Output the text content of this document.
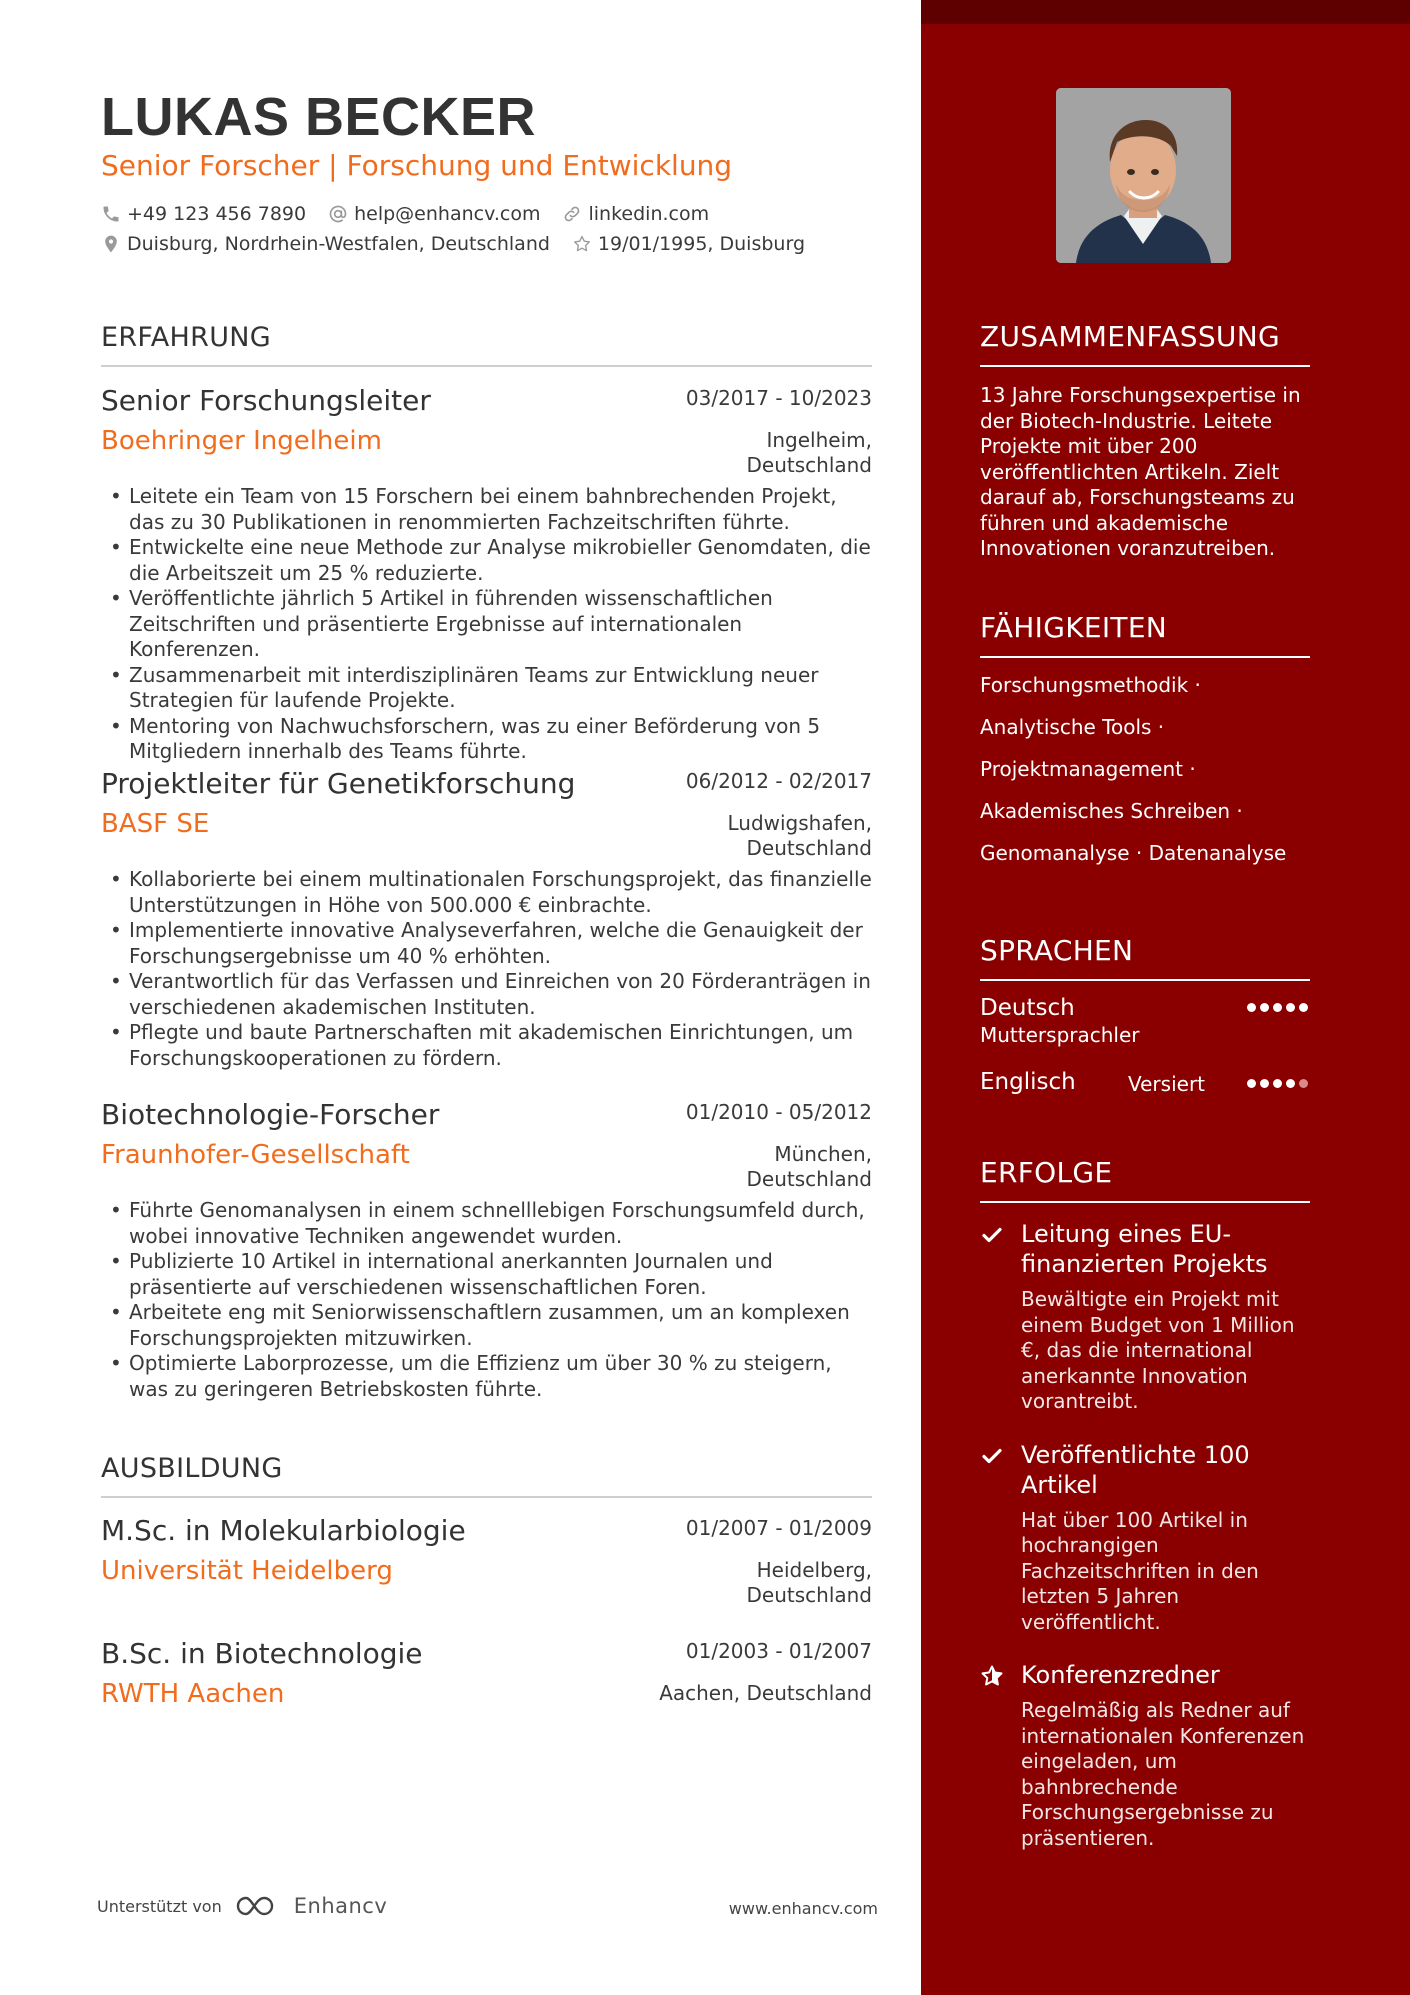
LUKAS BECKER
Senior Forscher | Forschung und Entwicklung
+49 123 456 7890	help@enhancv.com	linkedin.com
Duisburg, Nordrhein-Westfalen, Deutschland	19/01/1995, Duisburg
ERFAHRUNG
Senior Forschungsleiter	03/2017 - 10/2023
Boehringer Ingelheim	Ingelheim, Deutschland
• Leitete ein Team von 15 Forschern bei einem bahnbrechenden Projekt, das zu 30 Publikationen in renommierten Fachzeitschriften führte.
• Entwickelte eine neue Methode zur Analyse mikrobieller Genomdaten, die die Arbeitszeit um 25 % reduzierte.
• Veröffentlichte jährlich 5 Artikel in führenden wissenschaftlichen Zeitschriften und präsentierte Ergebnisse auf internationalen Konferenzen.
• Zusammenarbeit mit interdisziplinären Teams zur Entwicklung neuer Strategien für laufende Projekte.
• Mentoring von Nachwuchsforschern, was zu einer Beförderung von 5 Mitgliedern innerhalb des Teams führte.
Projektleiter für Genetikforschung	06/2012 - 02/2017
BASF SE	Ludwigshafen, Deutschland
• Kollaborierte bei einem multinationalen Forschungsprojekt, das finanzielle Unterstützungen in Höhe von 500.000 € einbrachte.
• Implementierte innovative Analyseverfahren, welche die Genauigkeit der Forschungsergebnisse um 40 % erhöhten.
• Verantwortlich für das Verfassen und Einreichen von 20 Förderanträgen in verschiedenen akademischen Instituten.
• Pflegte und baute Partnerschaften mit akademischen Einrichtungen, um Forschungskooperationen zu fördern.
Biotechnologie-Forscher	01/2010 - 05/2012
Fraunhofer-Gesellschaft	München, Deutschland
• Führte Genomanalysen in einem schnelllebigen Forschungsumfeld durch, wobei innovative Techniken angewendet wurden.
• Publizierte 10 Artikel in international anerkannten Journalen und präsentierte auf verschiedenen wissenschaftlichen Foren.
• Arbeitete eng mit Seniorwissenschaftlern zusammen, um an komplexen Forschungsprojekten mitzuwirken.
• Optimierte Laborprozesse, um die Effizienz um über 30 % zu steigern, was zu geringeren Betriebskosten führte.
AUSBILDUNG
M.Sc. in Molekularbiologie	01/2007 - 01/2009
Universität Heidelberg	Heidelberg, Deutschland
B.Sc. in Biotechnologie	01/2003 - 01/2007
RWTH Aachen	Aachen, Deutschland
Unterstützt von	Enhancv	www.enhancv.com
ZUSAMMENFASSUNG
13 Jahre Forschungsexpertise in der Biotech-Industrie. Leitete Projekte mit über 200 veröffentlichten Artikeln. Zielt darauf ab, Forschungsteams zu führen und akademische Innovationen voranzutreiben.
FÄHIGKEITEN
Forschungsmethodik ·
Analytische Tools ·
Projektmanagement ·
Akademisches Schreiben ·
Genomanalyse · Datenanalyse
SPRACHEN
Deutsch
Muttersprachler
Englisch	Versiert
ERFOLGE
Leitung eines EU-finanzierten Projekts
Bewältigte ein Projekt mit einem Budget von 1 Million €, das die international anerkannte Innovation vorantreibt.
Veröffentlichte 100 Artikel
Hat über 100 Artikel in hochrangigen Fachzeitschriften in den letzten 5 Jahren veröffentlicht.
Konferenzredner
Regelmäßig als Redner auf internationalen Konferenzen eingeladen, um bahnbrechende Forschungsergebnisse zu präsentieren.
